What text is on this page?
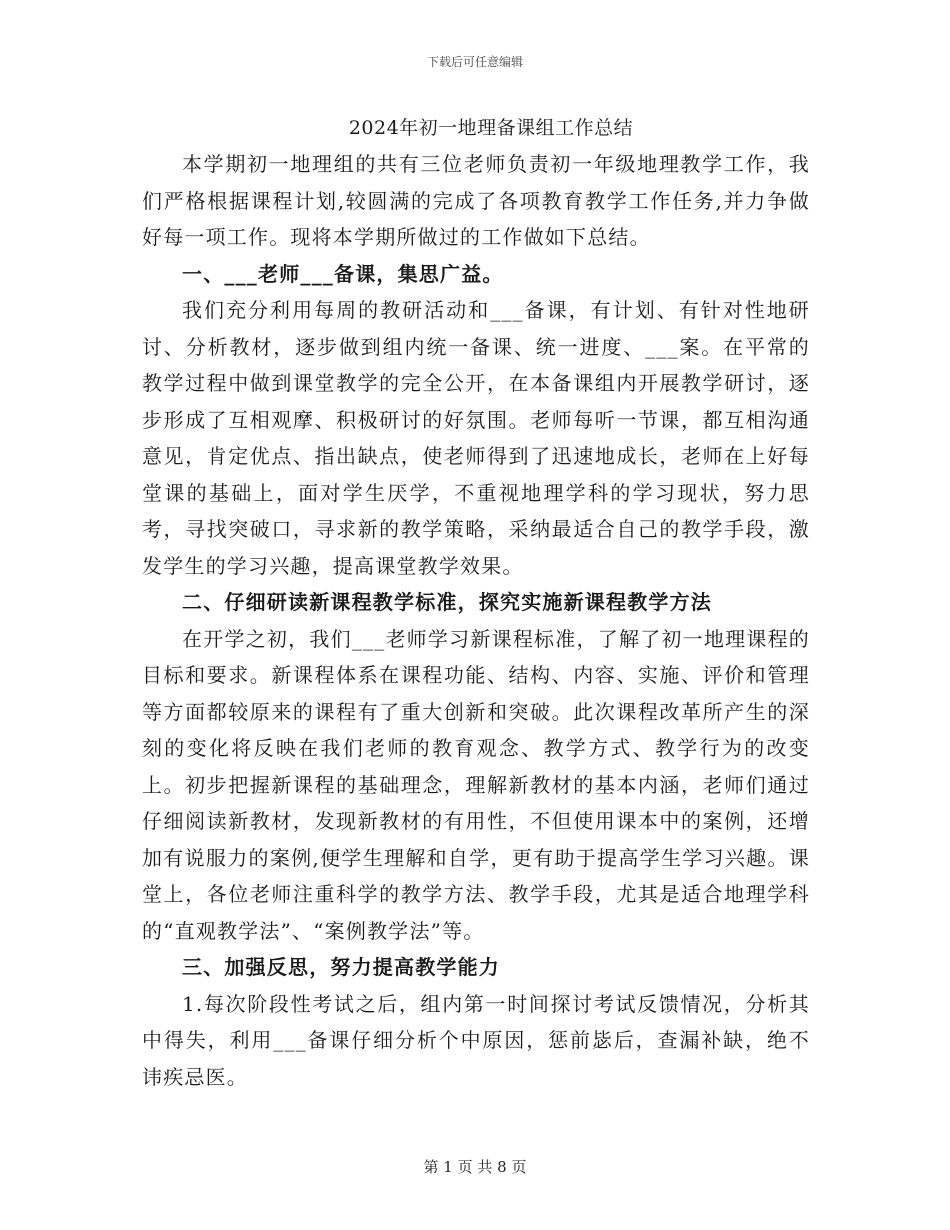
下载后可任意编辑
2024年初一地理备课组工作总结

本学期初一地理组的共有三位老师负责初一年级地理教学工作，我们严格根据课程计划,较圆满的完成了各项教育教学工作任务,并力争做好每一项工作。现将本学期所做过的工作做如下总结。

一、___老师___备课，集思广益。

我们充分利用每周的教研活动和___备课，有计划、有针对性地研讨、分析教材，逐步做到组内统一备课、统一进度、___案。在平常的教学过程中做到课堂教学的完全公开，在本备课组内开展教学研讨，逐步形成了互相观摩、积极研讨的好氛围。老师每听一节课，都互相沟通意见，肯定优点、指出缺点，使老师得到了迅速地成长，老师在上好每堂课的基础上，面对学生厌学，不重视地理学科的学习现状，努力思考，寻找突破口，寻求新的教学策略，采纳最适合自己的教学手段，激发学生的学习兴趣，提高课堂教学效果。

二、仔细研读新课程教学标准，探究实施新课程教学方法

在开学之初，我们___老师学习新课程标准，了解了初一地理课程的目标和要求。新课程体系在课程功能、结构、内容、实施、评价和管理等方面都较原来的课程有了重大创新和突破。此次课程改革所产生的深刻的变化将反映在我们老师的教育观念、教学方式、教学行为的改变上。初步把握新课程的基础理念，理解新教材的基本内涵，老师们通过仔细阅读新教材，发现新教材的有用性，不但使用课本中的案例，还增加有说服力的案例,便学生理解和自学，更有助于提高学生学习兴趣。课堂上，各位老师注重科学的教学方法、教学手段，尤其是适合地理学科的“直观教学法”、“案例教学法”等。

三、加强反思，努力提高教学能力

1.每次阶段性考试之后，组内第一时间探讨考试反馈情况，分析其中得失，利用___备课仔细分析个中原因，惩前毖后，查漏补缺，绝不讳疾忌医。

第 1 页 共 8 页
